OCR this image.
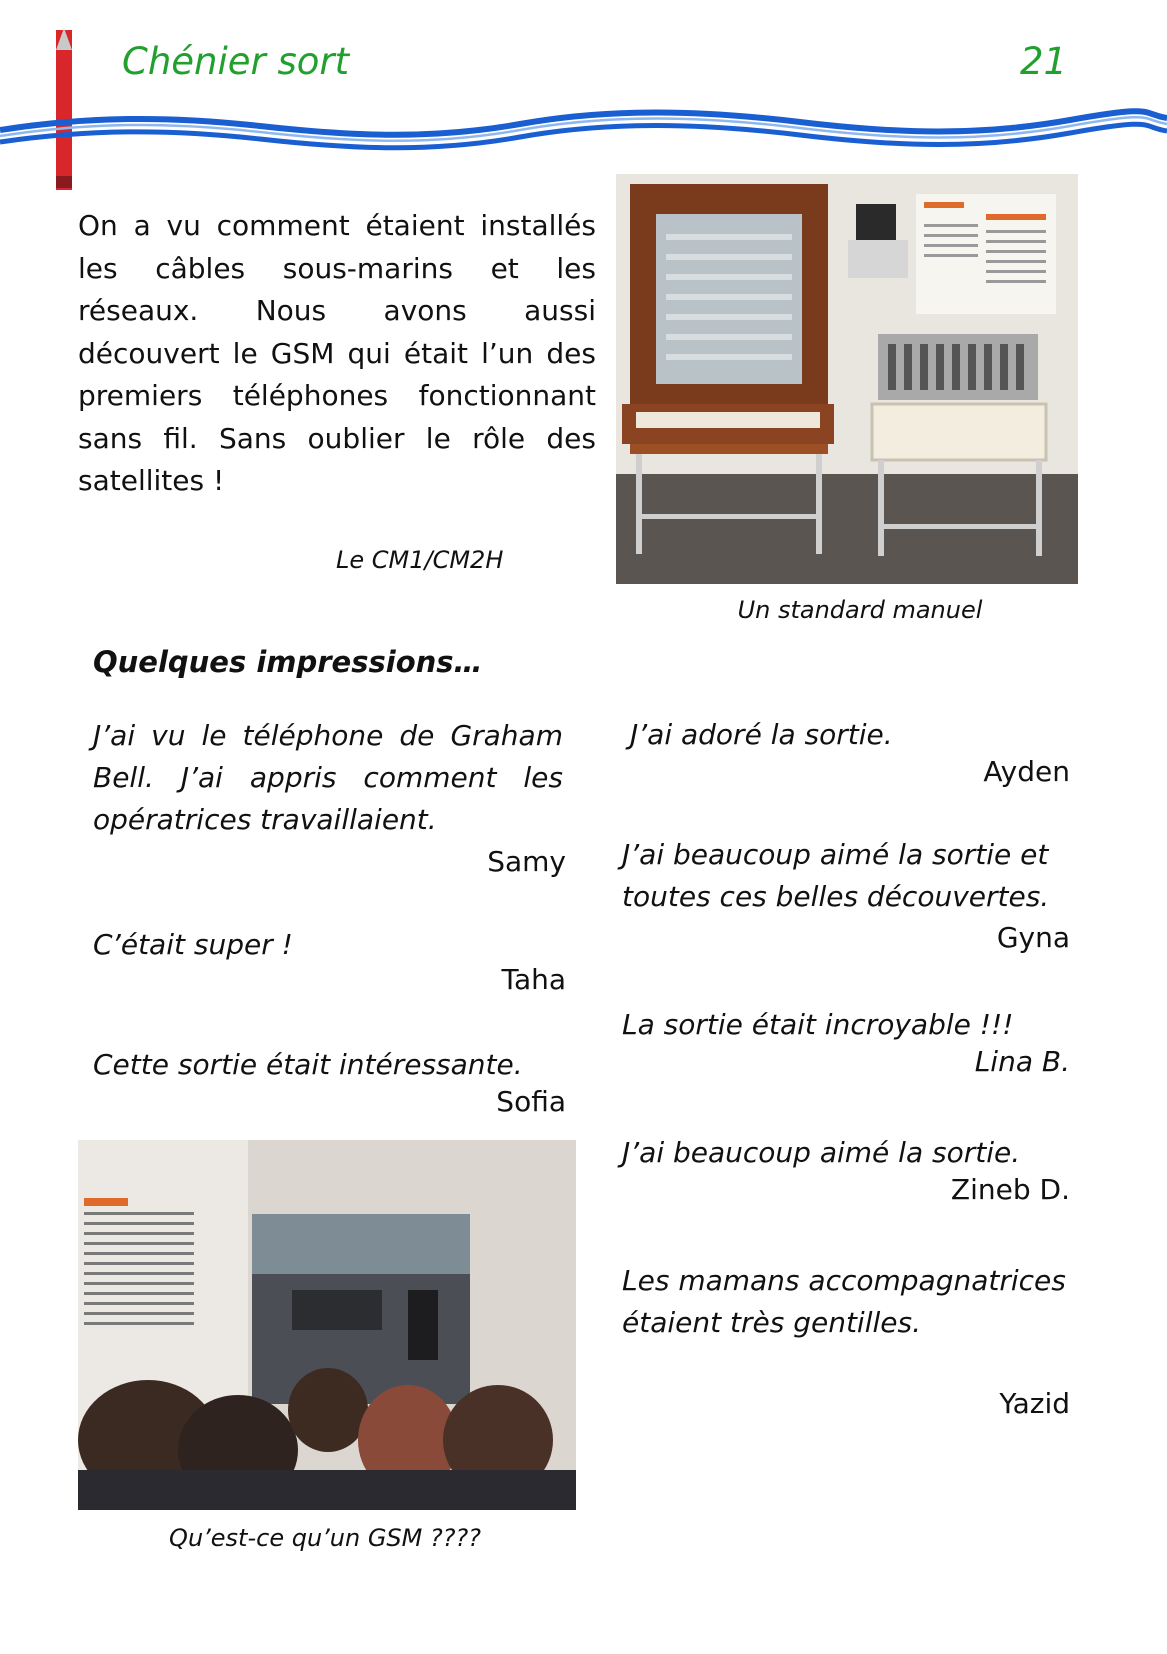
Chénier sort	21

On a vu comment étaient installés les câbles sous-marins et les réseaux. Nous avons aussi découvert le GSM qui était l’un des premiers téléphones fonctionnant sans fil. Sans oublier le rôle des satellites !

Le CM1/CM2H
Un standard manuel
Quelques impressions…

J’ai vu le téléphone de Graham Bell. J’ai appris comment les opératrices travaillaient.

Samy

C’était super !

Taha

Cette sortie était intéressante.

Sofia
Qu’est-ce qu’un GSM ????

J’ai adoré la sortie.

Ayden

J’ai beaucoup aimé la sortie et toutes ces belles découvertes.

Gyna

La sortie était incroyable !!!

Lina B.

J’ai beaucoup aimé la sortie.

Zineb D.

Les mamans accompagnatrices étaient très gentilles.

Yazid
